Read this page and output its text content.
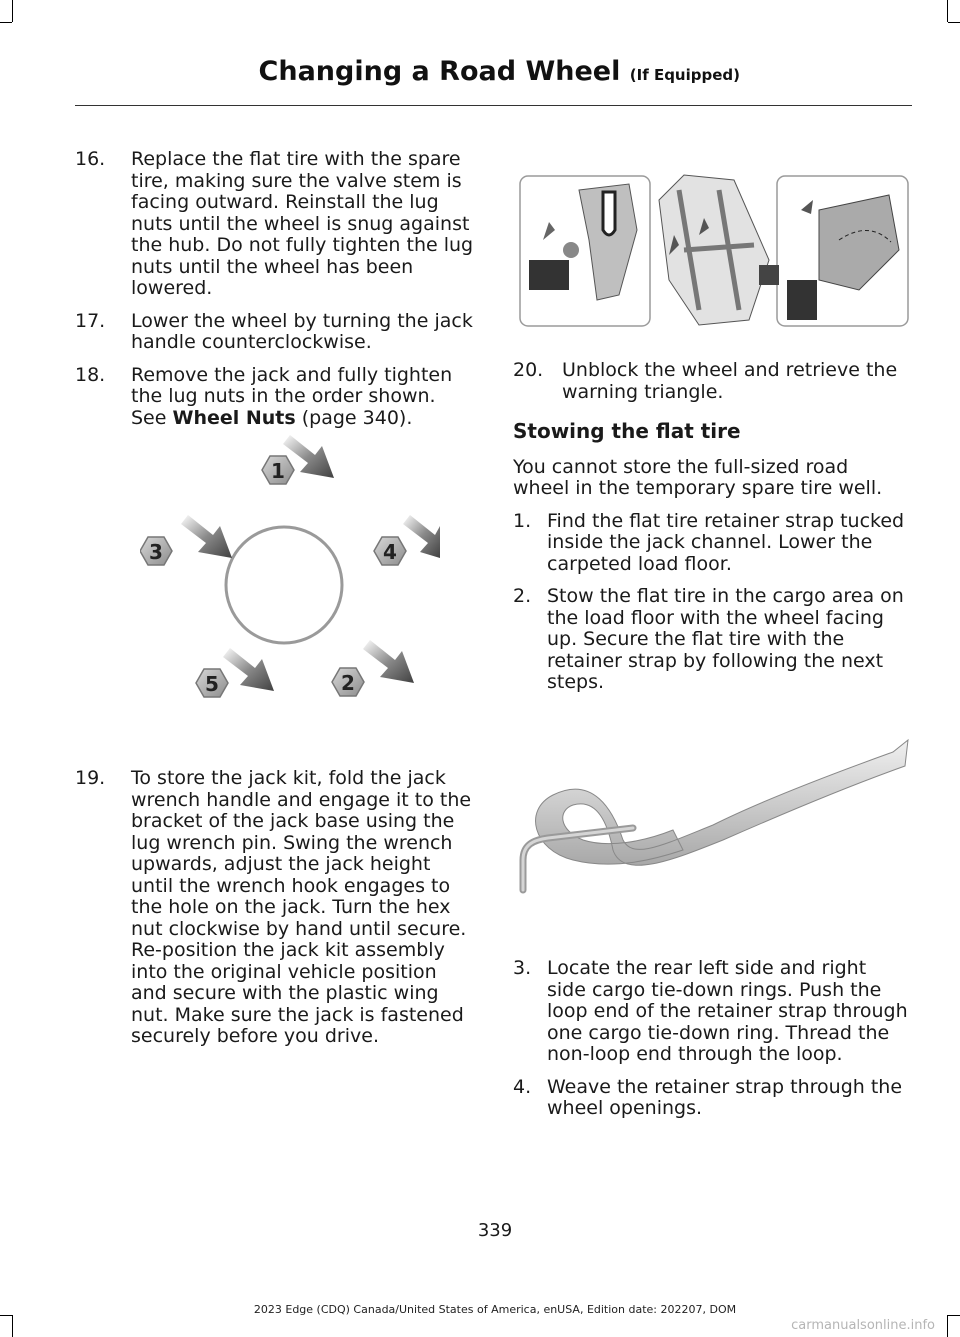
Changing a Road Wheel (If Equipped)
16. Replace the flat tire with the spare tire, making sure the valve stem is facing outward. Reinstall the lug nuts until the wheel is snug against the hub. Do not fully tighten the lug nuts until the wheel has been lowered.
17. Lower the wheel by turning the jack handle counterclockwise.
18. Remove the jack and fully tighten the lug nuts in the order shown. See Wheel Nuts (page 340).
1
3	4
5	2
19. To store the jack kit, fold the jack wrench handle and engage it to the bracket of the jack base using the lug wrench pin. Swing the wrench upwards, adjust the jack height until the wrench hook engages to the hole on the jack. Turn the hex nut clockwise by hand until secure. Re-position the jack kit assembly into the original vehicle position and secure with the plastic wing nut. Make sure the jack is fastened securely before you drive.
20. Unblock the wheel and retrieve the warning triangle.
Stowing the flat tire

You cannot store the full-sized road wheel in the temporary spare tire well.

1. Find the flat tire retainer strap tucked inside the jack channel. Lower the carpeted load floor.
2. Stow the flat tire in the cargo area on the load floor with the wheel facing up. Secure the flat tire with the retainer strap by following the next steps.
3. Locate the rear left side and right side cargo tie-down rings. Push the loop end of the retainer strap through one cargo tie-down ring. Thread the non-loop end through the loop.
4. Weave the retainer strap through the wheel openings.
339
2023 Edge (CDQ) Canada/United States of America, enUSA, Edition date: 202207, DOM
carmanualsonline.info
